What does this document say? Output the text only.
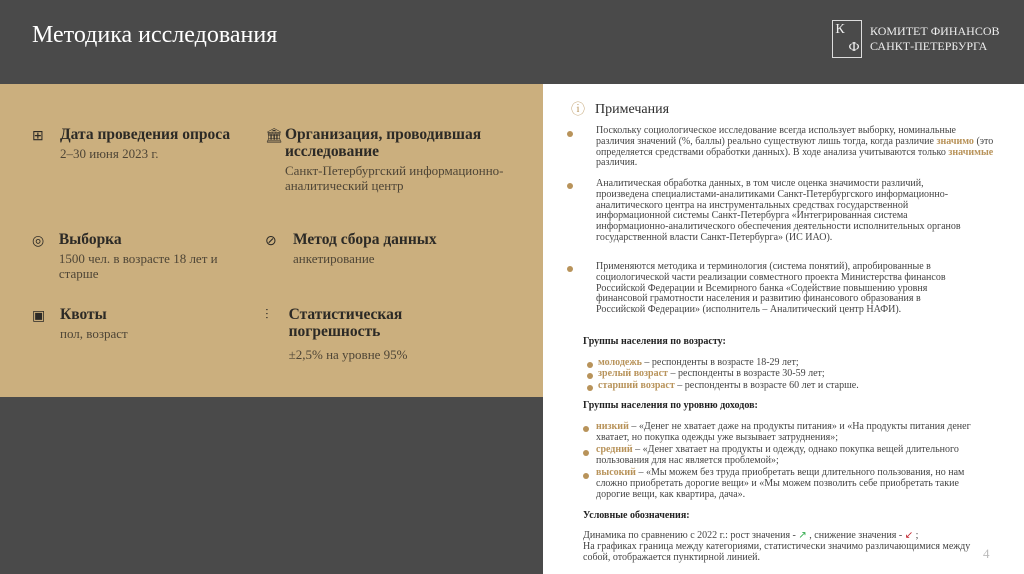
Методика исследования	К
Ф
КОМИТЕТ ФИНАНСОВ
САНКТ-ПЕТЕРБУРГА
⊞	Дата проведения опроса

2–30 июня 2023 г.

🏛 Организация, проводившая исследование

Санкт-Петербургский информационно-аналитический центр

◎ Выборка

1500 чел. в возрасте 18 лет и старше

⊘	Метод сбора данных

анкетирование

▣ Квоты

пол, возраст

⫶	Статистическая погрешность

±2,5% на уровне 95%

ⓘ Примечания
Поскольку социологическое исследование всегда использует выборку, номинальные различия значений (%, баллы) реально существуют лишь тогда, когда различие значимо (это определяется средствами обработки данных). В ходе анализа учитываются только значимые различия.
Аналитическая обработка данных, в том числе оценка значимости различий, произведена специалистами-аналитиками Санкт-Петербургского информационно-аналитического центра на инструментальных средствах государственной информационной системы Санкт-Петербурга «Интегрированная система информационно-аналитического обеспечения деятельности исполнительных органов государственной власти Санкт-Петербурга» (ИС ИАО).
Применяются методика и терминология (система понятий), апробированные в социологической части реализации совместного проекта Министерства финансов Российской Федерации и Всемирного банка «Содействие повышению уровня финансовой грамотности населения и развитию финансового образования в Российской Федерации» (исполнитель – Аналитический центр НАФИ).
Группы населения по возрасту:
молодежь – респонденты в возрасте 18-29 лет;
зрелый возраст – респонденты в возрасте 30-59 лет;
старший возраст – респонденты в возрасте 60 лет и старше.
Группы населения по уровню доходов:
низкий – «Денег не хватает даже на продукты питания» и «На продукты питания денег хватает, но покупка одежды уже вызывает затруднения»;
средний – «Денег хватает на продукты и одежду, однако покупка вещей длительного пользования для нас является проблемой»;
высокий – «Мы можем без труда приобретать вещи длительного пользования, но нам сложно приобретать дорогие вещи» и «Мы можем позволить себе приобретать такие дорогие вещи, как квартира, дача».
Условные обозначения:
Динамика по сравнению с 2022 г.: рост значения - ↗ , снижение значения - ↙ ;
На графиках граница между категориями, статистически значимо различающимися между собой, отображается пунктирной линией.	4
